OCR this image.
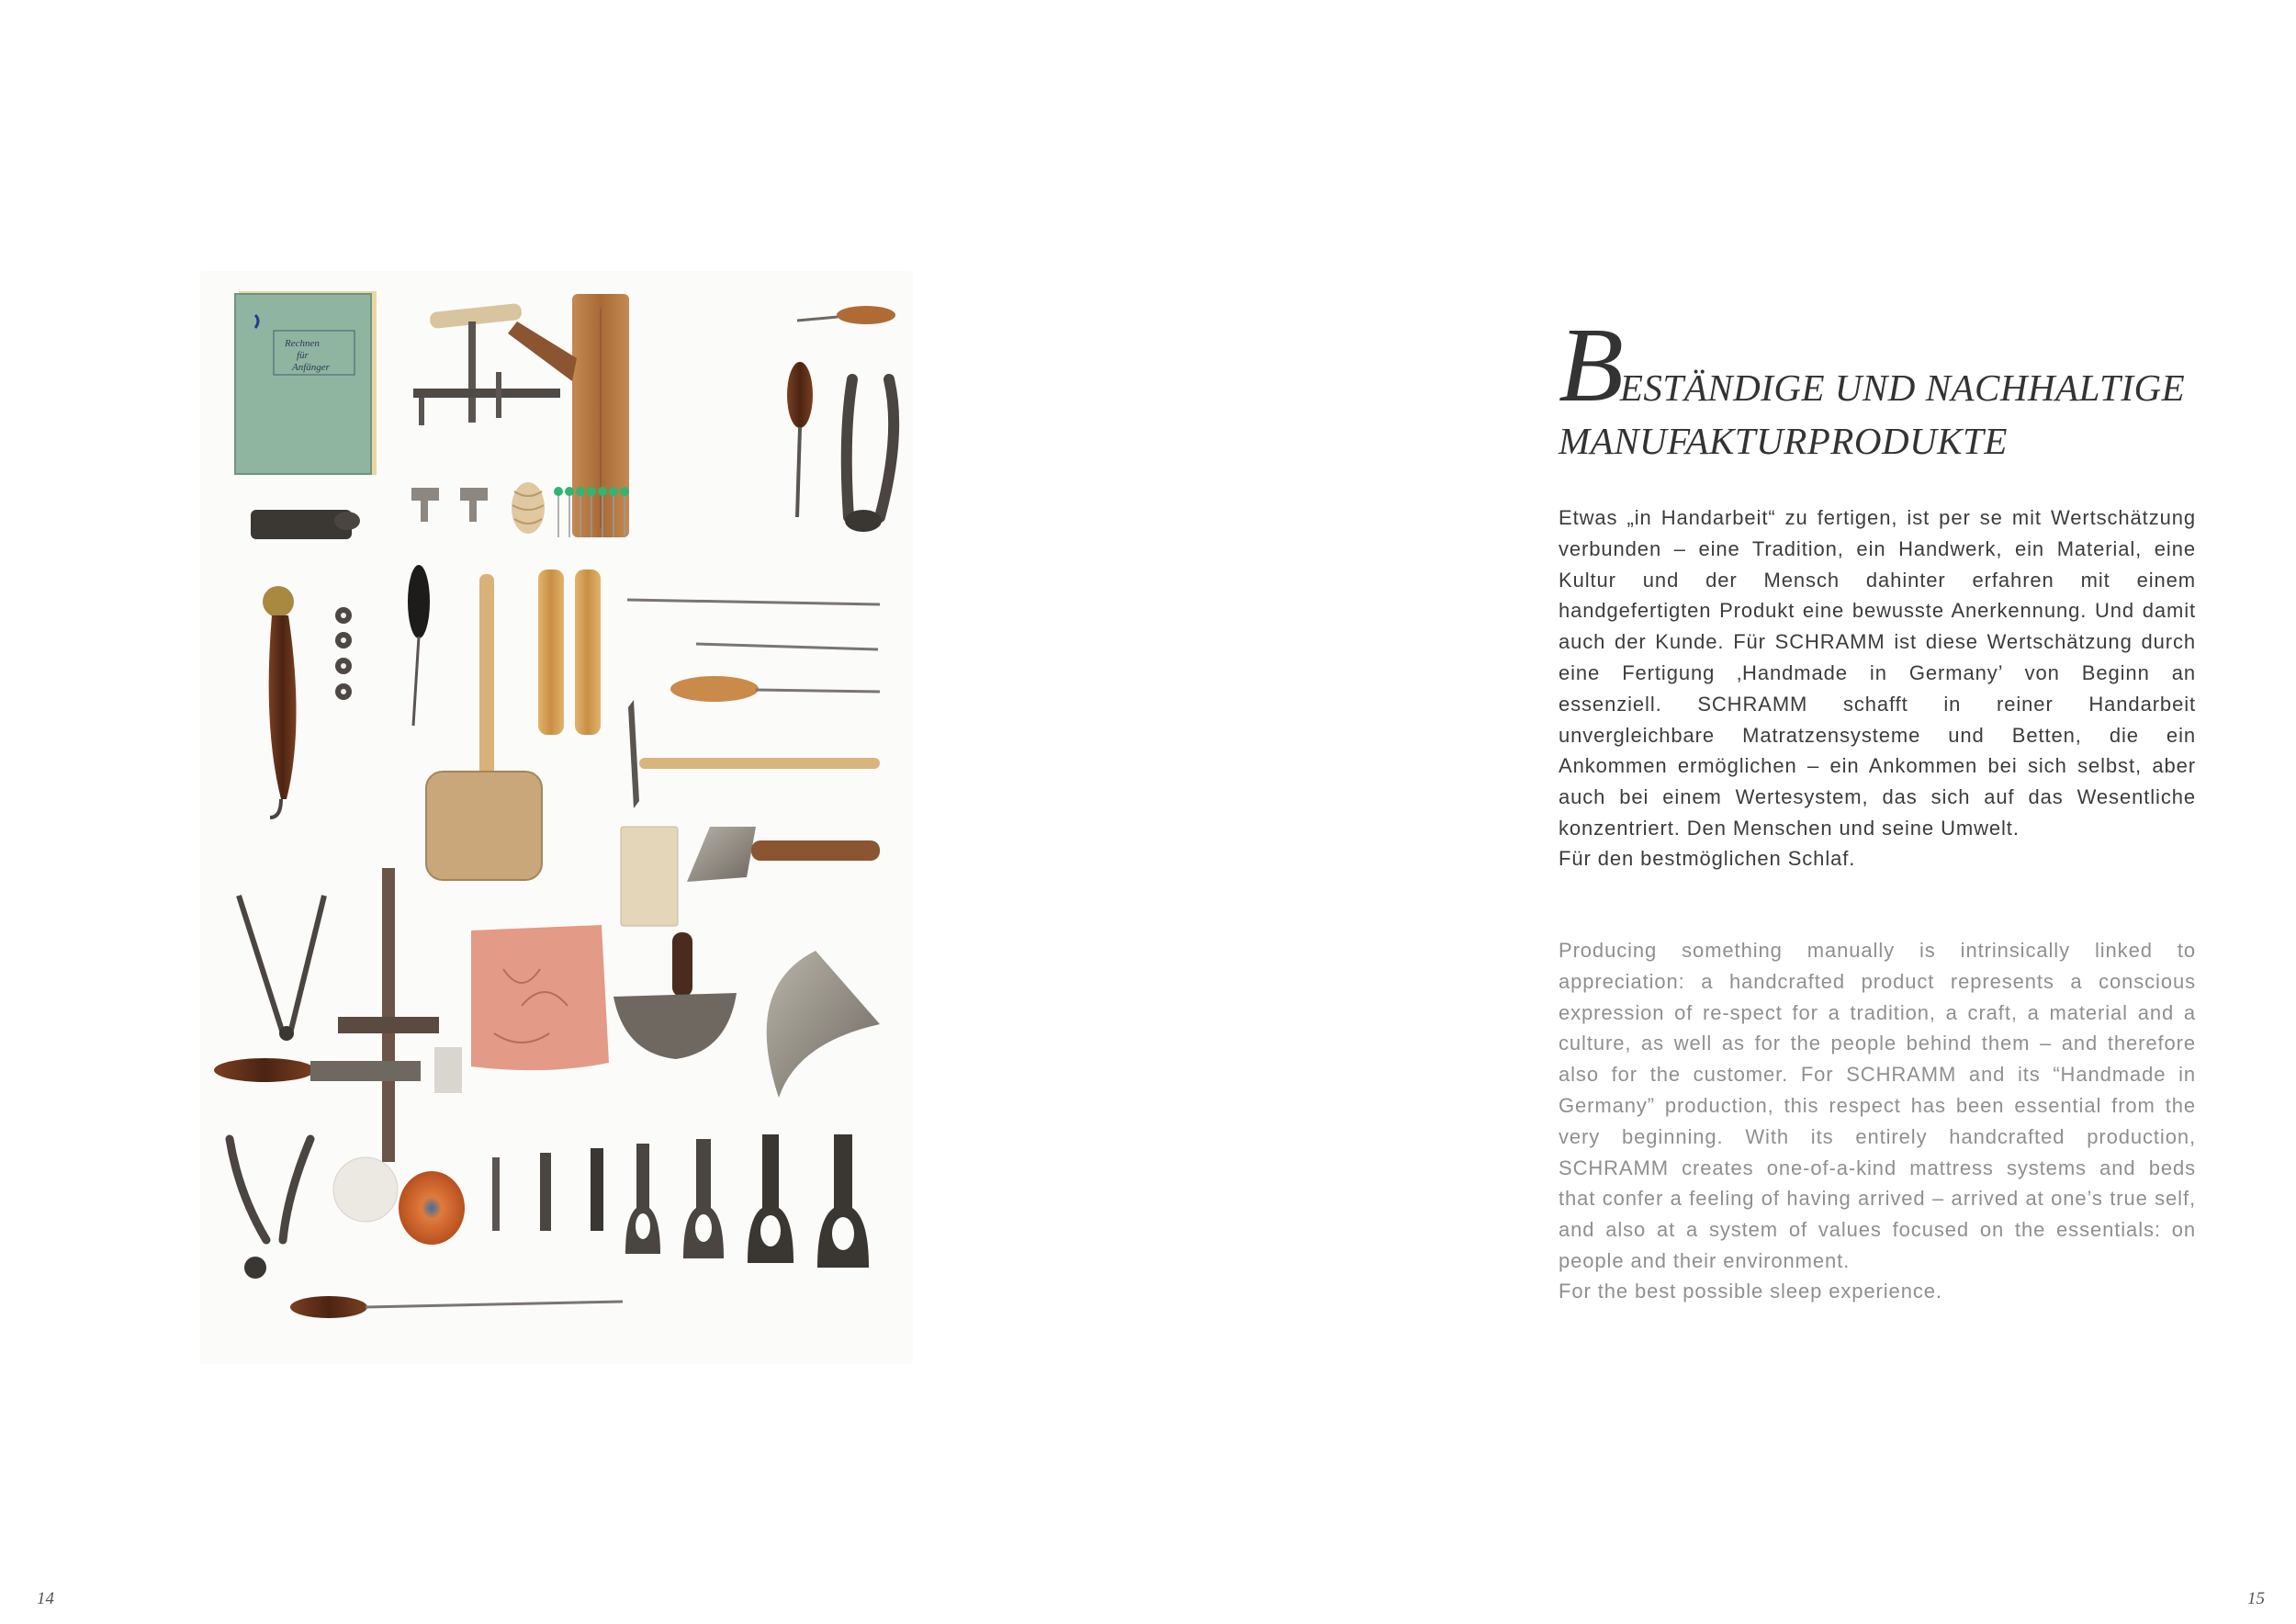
Rechnen
für
Anfänger
14
BESTÄNDIGE UND NACHHALTIGE
MANUFAKTURPRODUKTE

Etwas „in Handarbeit“ zu fertigen, ist per se mit Wertschätzung verbunden – eine Tradition, ein Handwerk, ein Material, eine Kultur und der Mensch dahinter erfahren mit einem handgefertigten Produkt eine bewusste Anerkennung. Und damit auch der Kunde. Für SCHRAMM ist diese Wertschätzung durch eine Fertigung ‚Handmade in Germany’ von Beginn an essenziell. SCHRAMM schafft in reiner Handarbeit unvergleichbare Matratzensysteme und Betten, die ein Ankommen ermöglichen – ein Ankommen bei sich selbst, aber auch bei einem Wertesystem, das sich auf das Wesentliche konzentriert. Den Menschen und seine Umwelt.

Für den bestmöglichen Schlaf.

Producing something manually is intrinsically linked to appreciation: a handcrafted product represents a conscious expression of re-spect for a tradition, a craft, a material and a culture, as well as for the people behind them – and therefore also for the customer. For SCHRAMM and its “Handmade in Germany” production, this respect has been essential from the very beginning. With its entirely handcrafted production, SCHRAMM creates one-of-a-kind mattress systems and beds that confer a feeling of having arrived – arrived at one’s true self, and also at a system of values focused on the essentials: on people and their environment.

For the best possible sleep experience.

15
